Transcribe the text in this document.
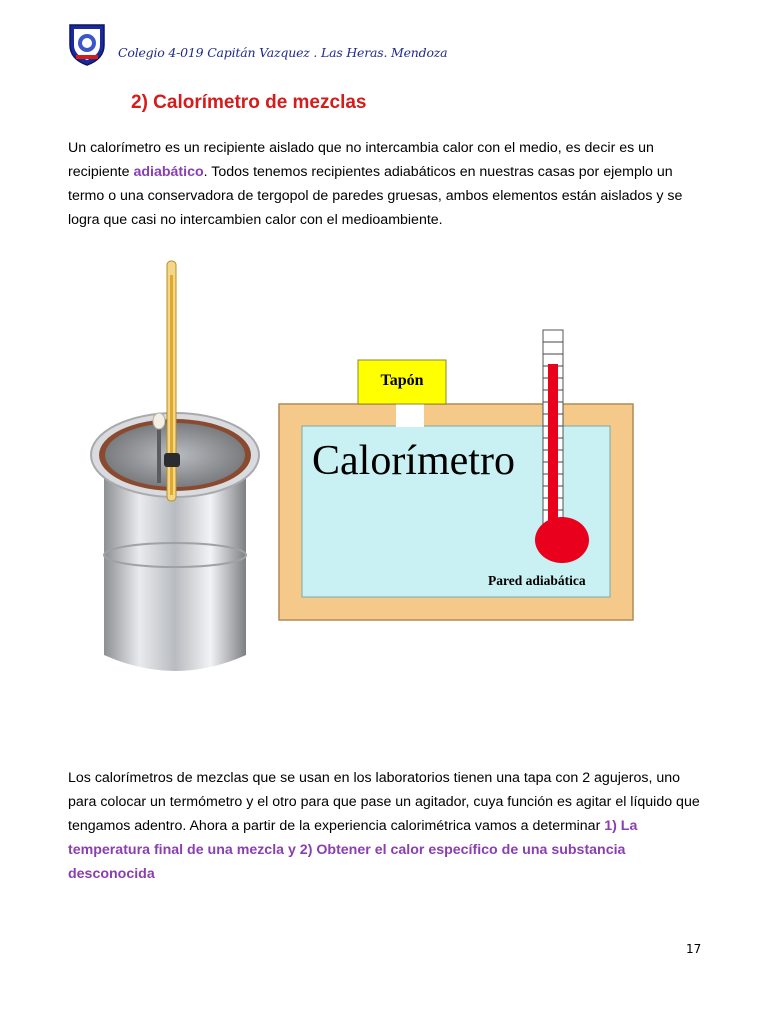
Colegio 4-019 Capitán Vazquez . Las Heras. Mendoza
2) Calorímetro de mezclas
Un calorímetro es un recipiente aislado que no intercambia calor con el medio, es decir es un recipiente adiabático. Todos tenemos recipientes adiabáticos en nuestras casas por ejemplo un termo o una conservadora de tergopol de paredes gruesas, ambos elementos están aislados y se logra que casi no intercambien calor con el medioambiente.
Tapón
Calorímetro
Pared adiabática
Los calorímetros de mezclas que se usan en los laboratorios tienen una tapa con 2 agujeros, uno para colocar un termómetro y el otro para que pase un agitador, cuya función es agitar el líquido que tengamos adentro. Ahora a partir de la experiencia calorimétrica vamos a determinar 1) La temperatura final de una mezcla y 2) Obtener el calor específico de una substancia desconocida
17
